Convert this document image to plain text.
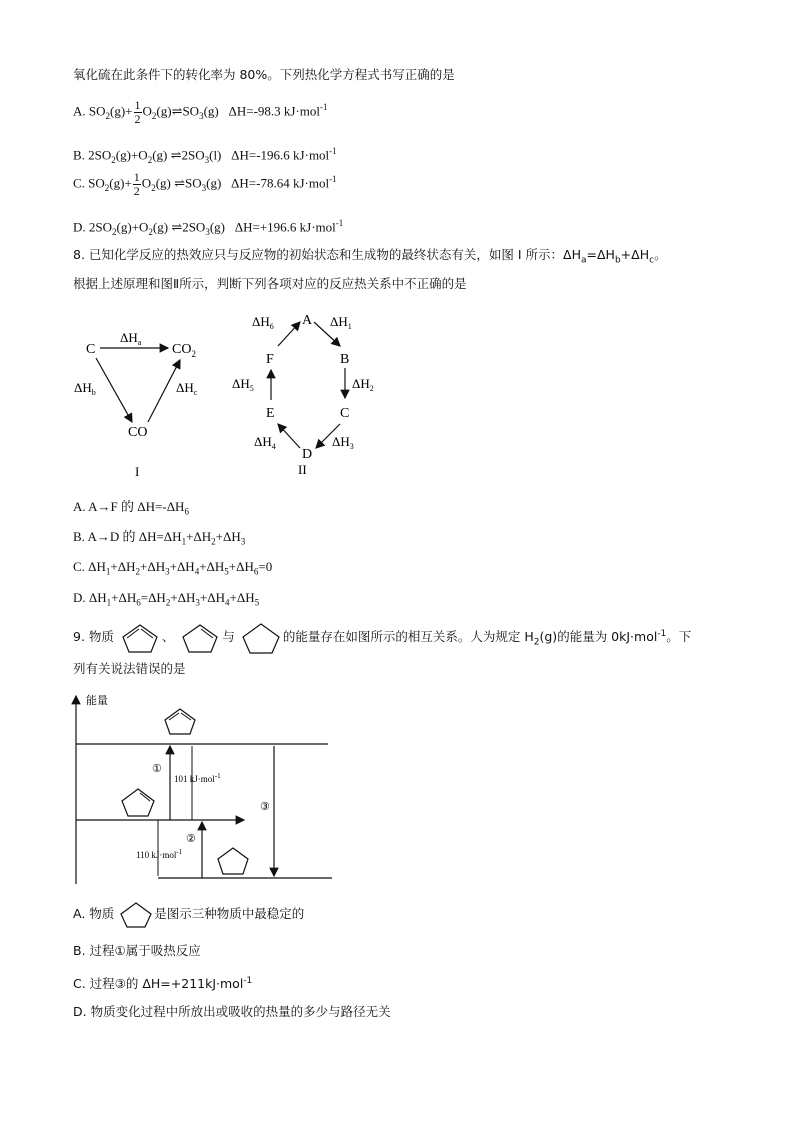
氧化硫在此条件下的转化率为 80%。下列热化学方程式书写正确的是
A. $SO_2(g)+ \frac{1}{2}$ $O_2(g)\rightleftharpoons SO_3(g)$ ΔH=-98.3 kJ·mol$^{-1}$
B. $2SO_2(g)+O_2(g)$ $\rightleftharpoons 2SO_3(l)$ ΔH=-196.6 kJ·mol$^{-1}$
C. $SO_2(g)+ \frac{1}{2} O_2(g)$ $\rightleftharpoons SO_3(g)$ ΔH=-78.64 kJ·mol$^{-1}$
D. $2SO_2(g)+O_2(g)$ $\rightleftharpoons 2SO_3(g)$ ΔH=+196.6 kJ·mol$^{-1}$
8. 已知化学反应的热效应只与反应物的初始状态和生成物的最终状态有关，如图 I 所示：$\Delta H_a=\Delta H_b+\Delta H_c$。
根据上述原理和图Ⅱ所示，判断下列各项对应的反应热关系中不正确的是
C	$CO_2$
CO
$\Delta H_a$
$\Delta H_b$	$\Delta H_c$
I
A
B
C
D
E
F
$\Delta H_6$	$\Delta H_1$
$\Delta H_2$
$\Delta H_3$
$\Delta H_4$
$\Delta H_5$
II
A. A→F 的 $\Delta H=-\Delta H_6$
B. A→D 的 $\Delta H=\Delta H_1+\Delta H_2+\Delta H_3$
C. $\Delta H_1+\Delta H_2+\Delta H_3+\Delta H_4+\Delta H_5+\Delta H_6=0$
D. $\Delta H_1+\Delta H_6=\Delta H_2+\Delta H_3+\Delta H_4+\Delta H_5$
9. 物质	、	与	的能量存在如图所示的相互关系。人为规定 $H_2(g)$的能量为 0kJ·mol$^{-1}$。下
列有关说法错误的是
能量
①
101 kJ·mol$^{-1}$
②
110 kJ·mol$^{-1}$
③
A. 物质	是图示三种物质中最稳定的
B. 过程①属于吸热反应
C. 过程③的 ΔH=+211kJ·mol$^{-1}$
D. 物质变化过程中所放出或吸收的热量的多少与路径无关
